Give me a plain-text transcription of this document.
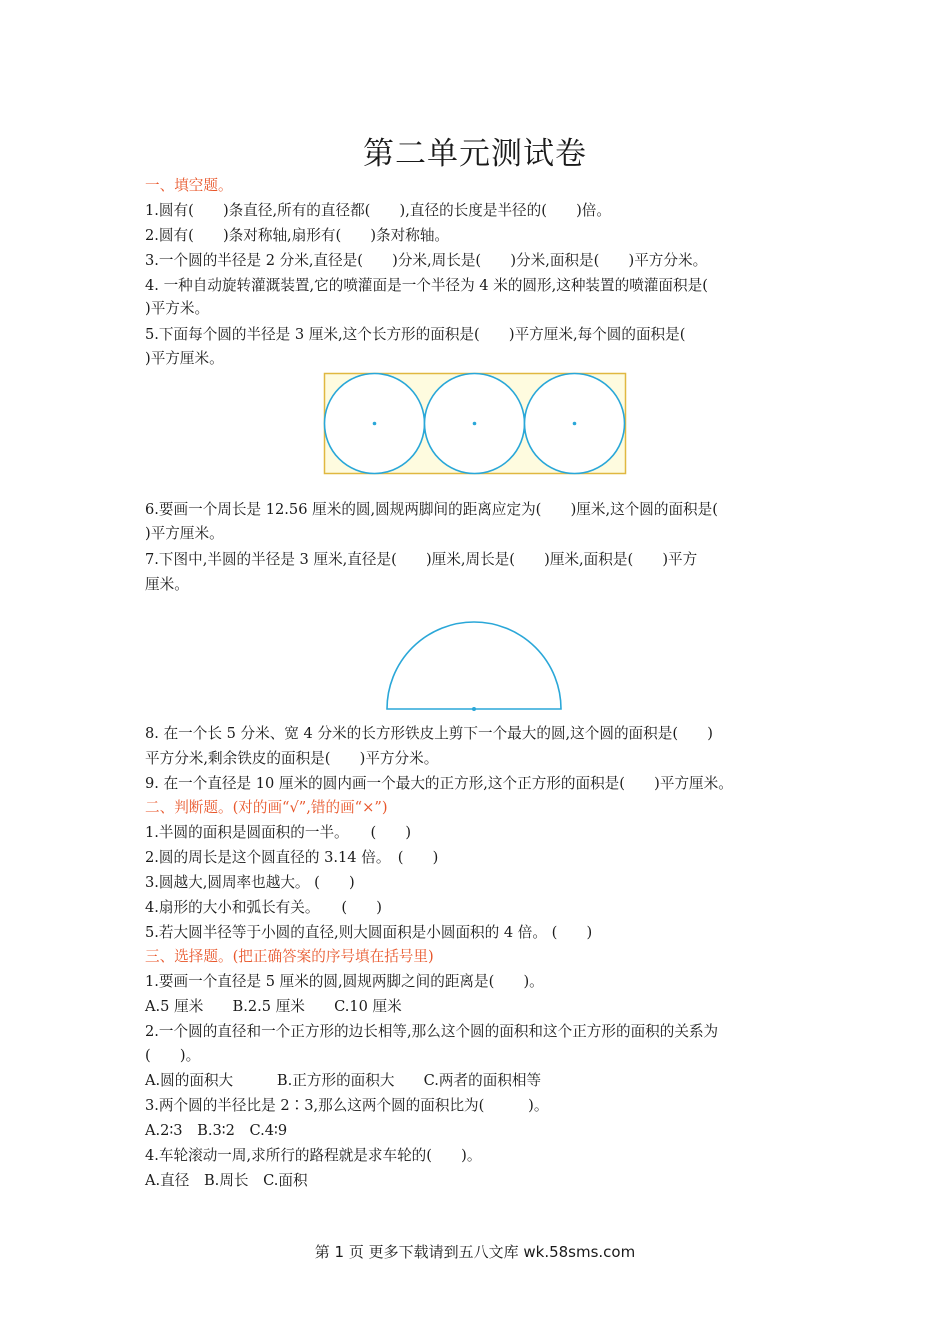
第二单元测试卷
一、填空题。
1.圆有(　　)条直径,所有的直径都(　　),直径的长度是半径的(　　)倍。
2.圆有(　　)条对称轴,扇形有(　　)条对称轴。
3.一个圆的半径是 2 分米,直径是(　　)分米,周长是(　　)分米,面积是(　　)平方分米。
4. 一种自动旋转灌溉装置,它的喷灌面是一个半径为 4 米的圆形,这种装置的喷灌面积是(
)平方米。
5.下面每个圆的半径是 3 厘米,这个长方形的面积是(　　)平方厘米,每个圆的面积是(
)平方厘米。
6.要画一个周长是 12.56 厘米的圆,圆规两脚间的距离应定为(　　)厘米,这个圆的面积是(
)平方厘米。
7.下图中,半圆的半径是 3 厘米,直径是(　　)厘米,周长是(　　)厘米,面积是(　　)平方
厘米。
8. 在一个长 5 分米、宽 4 分米的长方形铁皮上剪下一个最大的圆,这个圆的面积是(　　)
平方分米,剩余铁皮的面积是(　　)平方分米。
9. 在一个直径是 10 厘米的圆内画一个最大的正方形,这个正方形的面积是(　　)平方厘米。
二、判断题。(对的画“√”,错的画“×”)
1.半圆的面积是圆面积的一半。　　(　　)
2.圆的周长是这个圆直径的 3.14 倍。　(　　)
3.圆越大,圆周率也越大。 (　　)
4.扇形的大小和弧长有关。　　(　　)
5.若大圆半径等于小圆的直径,则大圆面积是小圆面积的 4 倍。 (　　)
三、选择题。(把正确答案的序号填在括号里)
1.要画一个直径是 5 厘米的圆,圆规两脚之间的距离是(　　)。
A.5 厘米　　B.2.5 厘米　　C.10 厘米
2.一个圆的直径和一个正方形的边长相等,那么这个圆的面积和这个正方形的面积的关系为
(　　)。
A.圆的面积大　　　B.正方形的面积大　　C.两者的面积相等
3.两个圆的半径比是 2∶3,那么这两个圆的面积比为(　　　)。
A.2∶3　B.3∶2　C.4∶9
4.车轮滚动一周,求所行的路程就是求车轮的(　　)。
A.直径　B.周长　C.面积
第 1 页 更多下载请到五八文库 wk.58sms.com
